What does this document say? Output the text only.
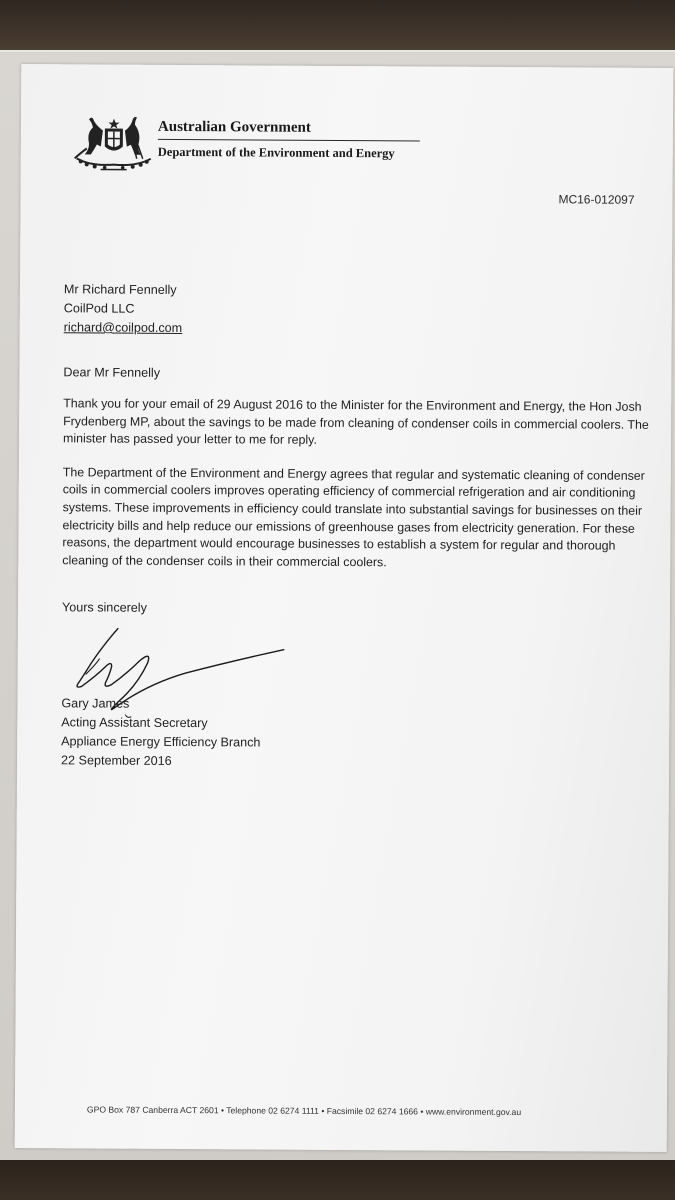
Australian Government
Department of the Environment and Energy
MC16-012097
Mr Richard Fennelly
CoilPod LLC
richard@coilpod.com
Dear Mr Fennelly

Thank you for your email of 29 August 2016 to the Minister for the Environment and Energy, the Hon Josh Frydenberg MP, about the savings to be made from cleaning of condenser coils in commercial coolers. The minister has passed your letter to me for reply.

The Department of the Environment and Energy agrees that regular and systematic cleaning of condenser coils in commercial coolers improves operating efficiency of commercial refrigeration and air conditioning systems. These improvements in efficiency could translate into substantial savings for businesses on their electricity bills and help reduce our emissions of greenhouse gases from electricity generation. For these reasons, the department would encourage businesses to establish a system for regular and thorough cleaning of the condenser coils in their commercial coolers.

Yours sincerely
Gary James
Acting Assistant Secretary
Appliance Energy Efficiency Branch
22 September 2016
GPO Box 787 Canberra ACT 2601 • Telephone 02 6274 1111 • Facsimile 02 6274 1666 • www.environment.gov.au
